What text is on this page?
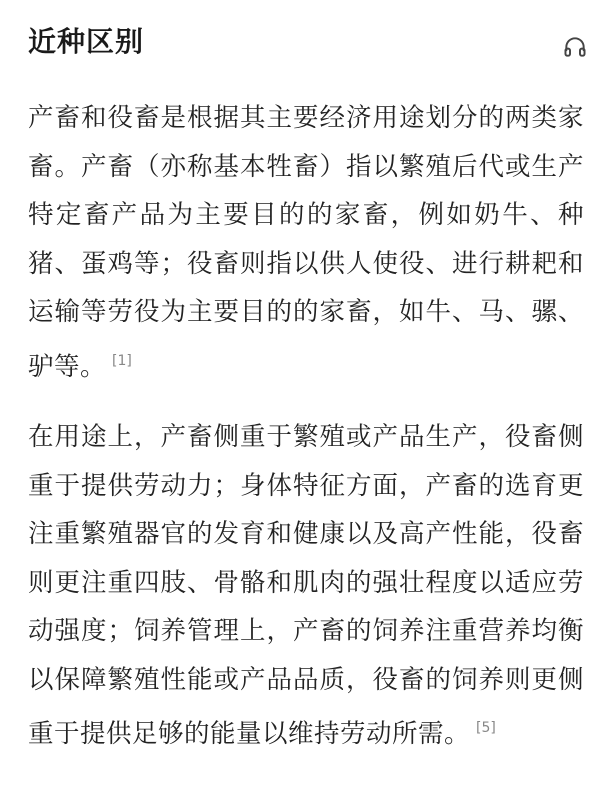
近种区别

产畜和役畜是根据其主要经济用途划分的两类家畜。产畜（亦称基本牲畜）指以繁殖后代或生产特定畜产品为主要目的的家畜，例如奶牛、种猪、蛋鸡等；役畜则指以供人使役、进行耕耙和运输等劳役为主要目的的家畜，如牛、马、骡、驴等。 [1]

在用途上，产畜侧重于繁殖或产品生产，役畜侧重于提供劳动力；身体特征方面，产畜的选育更注重繁殖器官的发育和健康以及高产性能，役畜则更注重四肢、骨骼和肌肉的强壮程度以适应劳动强度；饲养管理上，产畜的饲养注重营养均衡以保障繁殖性能或产品品质，役畜的饲养则更侧重于提供足够的能量以维持劳动所需。 [5]
